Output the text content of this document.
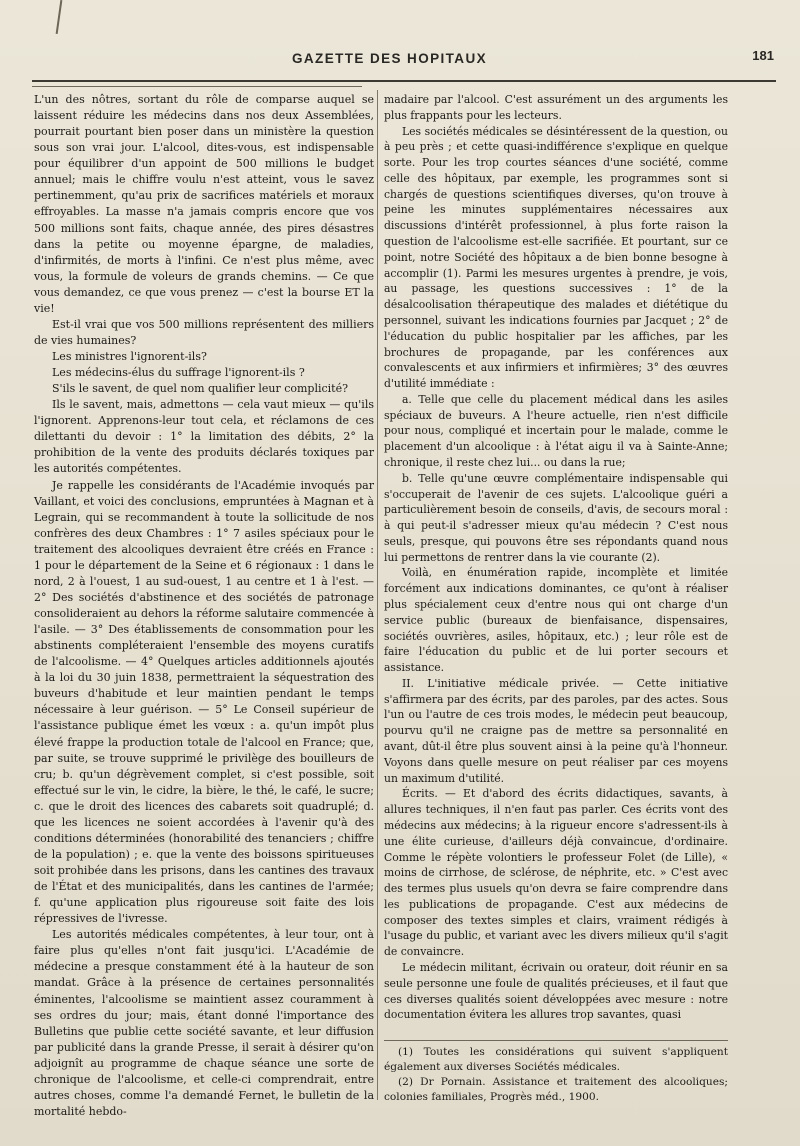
GAZETTE DES HOPITAUX	181

L'un des nôtres, sortant du rôle de comparse auquel se laissent réduire les médecins dans nos deux Assemblées, pourrait pourtant bien poser dans un ministère la question sous son vrai jour. L'alcool, dites-vous, est indispensable pour équilibrer d'un appoint de 500 millions le budget annuel; mais le chiffre voulu n'est atteint, vous le savez pertinemment, qu'au prix de sacrifices matériels et moraux effroyables. La masse n'a jamais compris encore que vos 500 millions sont faits, chaque année, des pires désastres dans la petite ou moyenne épargne, de maladies, d'infirmités, de morts à l'infini. Ce n'est plus même, avec vous, la formule de voleurs de grands chemins. — Ce que vous demandez, ce que vous prenez — c'est la bourse ET la vie!

Est-il vrai que vos 500 millions représentent des milliers de vies humaines?

Les ministres l'ignorent-ils?

Les médecins-élus du suffrage l'ignorent-ils ?

S'ils le savent, de quel nom qualifier leur complicité?

Ils le savent, mais, admettons — cela vaut mieux — qu'ils l'ignorent. Apprenons-leur tout cela, et réclamons de ces dilettanti du devoir : 1° la limitation des débits, 2° la prohibition de la vente des produits déclarés toxiques par les autorités compétentes.

Je rappelle les considérants de l'Académie invoqués par Vaillant, et voici des conclusions, empruntées à Magnan et à Legrain, qui se recommandent à toute la sollicitude de nos confrères des deux Chambres : 1° 7 asiles spéciaux pour le traitement des alcooliques devraient être créés en France : 1 pour le département de la Seine et 6 régionaux : 1 dans le nord, 2 à l'ouest, 1 au sud-ouest, 1 au centre et 1 à l'est. — 2° Des sociétés d'abstinence et des sociétés de patronage consolideraient au dehors la réforme salutaire commencée à l'asile. — 3° Des établissements de consommation pour les abstinents compléteraient l'ensemble des moyens curatifs de l'alcoolisme. — 4° Quelques articles additionnels ajoutés à la loi du 30 juin 1838, permettraient la séquestration des buveurs d'habitude et leur maintien pendant le temps nécessaire à leur guérison. — 5° Le Conseil supérieur de l'assistance publique émet les vœux : a. qu'un impôt plus élevé frappe la production totale de l'alcool en France; que, par suite, se trouve supprimé le privilège des bouilleurs de cru; b. qu'un dégrèvement complet, si c'est possible, soit effectué sur le vin, le cidre, la bière, le thé, le café, le sucre; c. que le droit des licences des cabarets soit quadruplé; d. que les licences ne soient accordées à l'avenir qu'à des conditions déterminées (honorabilité des tenanciers ; chiffre de la population) ; e. que la vente des boissons spiritueuses soit prohibée dans les prisons, dans les cantines des travaux de l'État et des municipalités, dans les cantines de l'armée; f. qu'une application plus rigoureuse soit faite des lois répressives de l'ivresse.

Les autorités médicales compétentes, à leur tour, ont à faire plus qu'elles n'ont fait jusqu'ici. L'Académie de médecine a presque constamment été à la hauteur de son mandat. Grâce à la présence de certaines personnalités éminentes, l'alcoolisme se maintient assez couramment à ses ordres du jour; mais, étant donné l'importance des Bulletins que publie cette société savante, et leur diffusion par publicité dans la grande Presse, il serait à désirer qu'on adjoignît au programme de chaque séance une sorte de chronique de l'alcoolisme, et celle-ci comprendrait, entre autres choses, comme l'a demandé Fernet, le bulletin de la mortalité hebdo-

madaire par l'alcool. C'est assurément un des arguments les plus frappants pour les lecteurs.

Les sociétés médicales se désintéressent de la question, ou à peu près ; et cette quasi-indifférence s'explique en quelque sorte. Pour les trop courtes séances d'une société, comme celle des hôpitaux, par exemple, les programmes sont si chargés de questions scientifiques diverses, qu'on trouve à peine les minutes supplémentaires nécessaires aux discussions d'intérêt professionnel, à plus forte raison la question de l'alcoolisme est-elle sacrifiée. Et pourtant, sur ce point, notre Société des hôpitaux a de bien bonne besogne à accomplir (1). Parmi les mesures urgentes à prendre, je vois, au passage, les questions successives : 1° de la désalcoolisation thérapeutique des malades et diététique du personnel, suivant les indications fournies par Jacquet ; 2° de l'éducation du public hospitalier par les affiches, par les brochures de propagande, par les conférences aux convalescents et aux infirmiers et infirmières; 3° des œuvres d'utilité immédiate :

a. Telle que celle du placement médical dans les asiles spéciaux de buveurs. A l'heure actuelle, rien n'est difficile pour nous, compliqué et incertain pour le malade, comme le placement d'un alcoolique : à l'état aigu il va à Sainte-Anne; chronique, il reste chez lui... ou dans la rue;

b. Telle qu'une œuvre complémentaire indispensable qui s'occuperait de l'avenir de ces sujets. L'alcoolique guéri a particulièrement besoin de conseils, d'avis, de secours moral : à qui peut-il s'adresser mieux qu'au médecin ? C'est nous seuls, presque, qui pouvons être ses répondants quand nous lui permettons de rentrer dans la vie courante (2).

Voilà, en énumération rapide, incomplète et limitée forcément aux indications dominantes, ce qu'ont à réaliser plus spécialement ceux d'entre nous qui ont charge d'un service public (bureaux de bienfaisance, dispensaires, sociétés ouvrières, asiles, hôpitaux, etc.) ; leur rôle est de faire l'éducation du public et de lui porter secours et assistance.

II. L'initiative médicale privée. — Cette initiative s'affirmera par des écrits, par des paroles, par des actes. Sous l'un ou l'autre de ces trois modes, le médecin peut beaucoup, pourvu qu'il ne craigne pas de mettre sa personnalité en avant, dût-il être plus souvent ainsi à la peine qu'à l'honneur. Voyons dans quelle mesure on peut réaliser par ces moyens un maximum d'utilité.

Écrits. — Et d'abord des écrits didactiques, savants, à allures techniques, il n'en faut pas parler. Ces écrits vont des médecins aux médecins; à la rigueur encore s'adressent-ils à une élite curieuse, d'ailleurs déjà convaincue, d'ordinaire. Comme le répète volontiers le professeur Folet (de Lille), « moins de cirrhose, de sclérose, de néphrite, etc. » C'est avec des termes plus usuels qu'on devra se faire comprendre dans les publications de propagande. C'est aux médecins de composer des textes simples et clairs, vraiment rédigés à l'usage du public, et variant avec les divers milieux qu'il s'agit de convaincre.

Le médecin militant, écrivain ou orateur, doit réunir en sa seule personne une foule de qualités précieuses, et il faut que ces diverses qualités soient développées avec mesure : notre documentation évitera les allures trop savantes, quasi

(1) Toutes les considérations qui suivent s'appliquent également aux diverses Sociétés médicales.

(2) Dr Pornain. Assistance et traitement des alcooliques; colonies familiales, Progrès méd., 1900.
